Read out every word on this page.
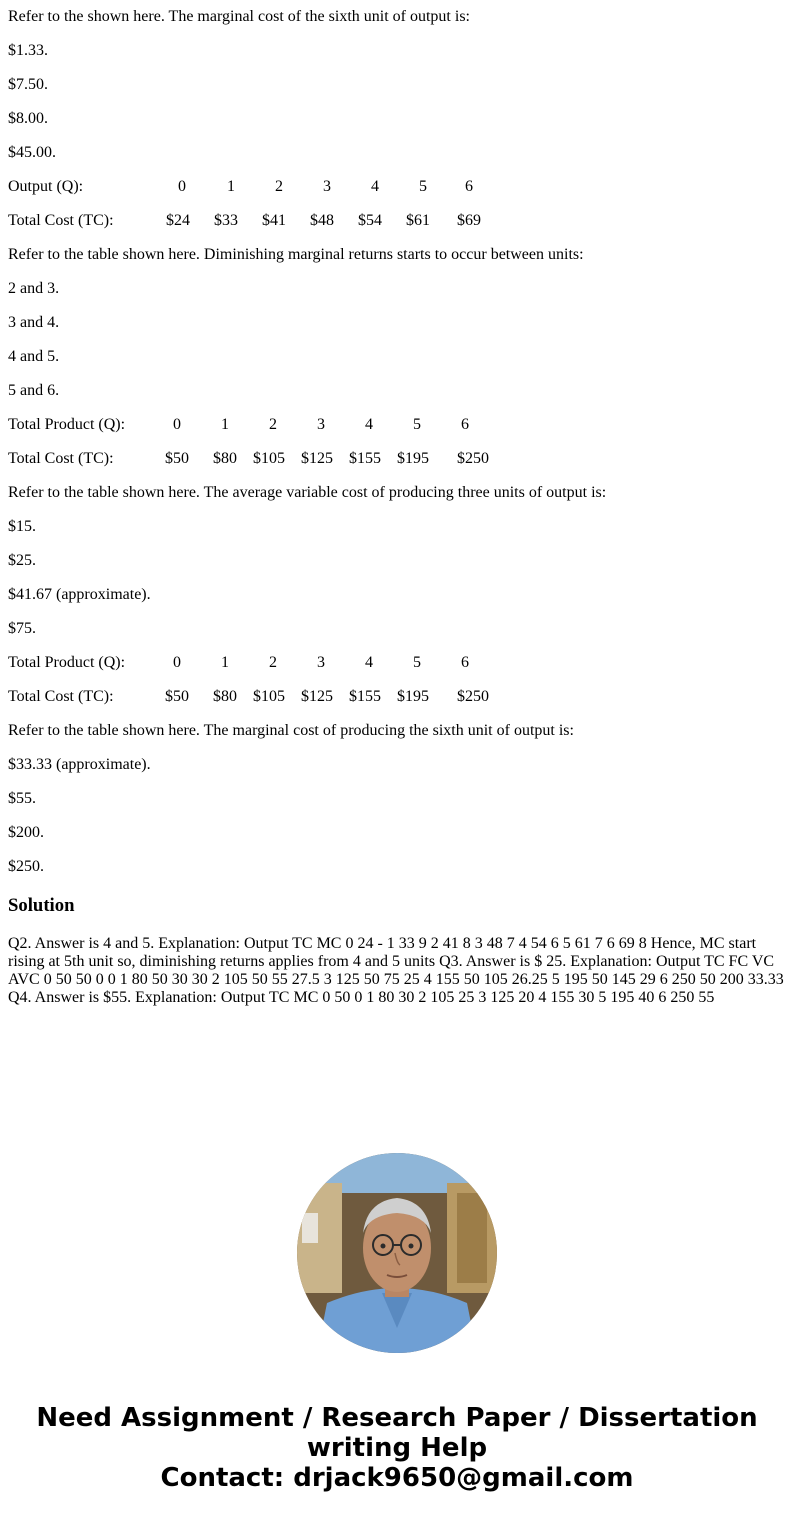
Refer to the shown here. The marginal cost of the sixth unit of output is:
$1.33.
$7.50.
$8.00.
$45.00.
Output (Q):	0	1	2	3	4	5	6
Total Cost (TC):	$24	$33	$41	$48	$54	$61	$69
Refer to the table shown here. Diminishing marginal returns starts to occur between units:
2 and 3.
3 and 4.
4 and 5.
5 and 6.
Total Product (Q):	0	1	2	3	4	5	6
Total Cost (TC):	$50	$80	$105 $125 $155 $195 $250
Refer to the table shown here. The average variable cost of producing three units of output is:
$15.
$25.
$41.67 (approximate).
$75.
Total Product (Q):	0	1	2	3	4	5	6
Total Cost (TC):	$50	$80	$105 $125 $155 $195 $250
Refer to the table shown here. The marginal cost of producing the sixth unit of output is:
$33.33 (approximate).
$55.
$200.
$250.
Solution

Q2. Answer is 4 and 5. Explanation: Output TC MC 0 24 - 1 33 9 2 41 8 3 48 7 4 54 6 5 61 7 6 69 8 Hence, MC start rising at 5th unit so, diminishing returns applies from 4 and 5 units Q3. Answer is $ 25. Explanation: Output TC FC VC AVC 0 50 50 0 0 1 80 50 30 30 2 105 50 55 27.5 3 125 50 75 25 4 155 50 105 26.25 5 195 50 145 29 6 250 50 200 33.33 Q4. Answer is $55. Explanation: Output TC MC 0 50 0 1 80 30 2 105 25 3 125 20 4 155 30 5 195 40 6 250 55

Need Assignment / Research Paper / Dissertation
writing Help
Contact: drjack9650@gmail.com
